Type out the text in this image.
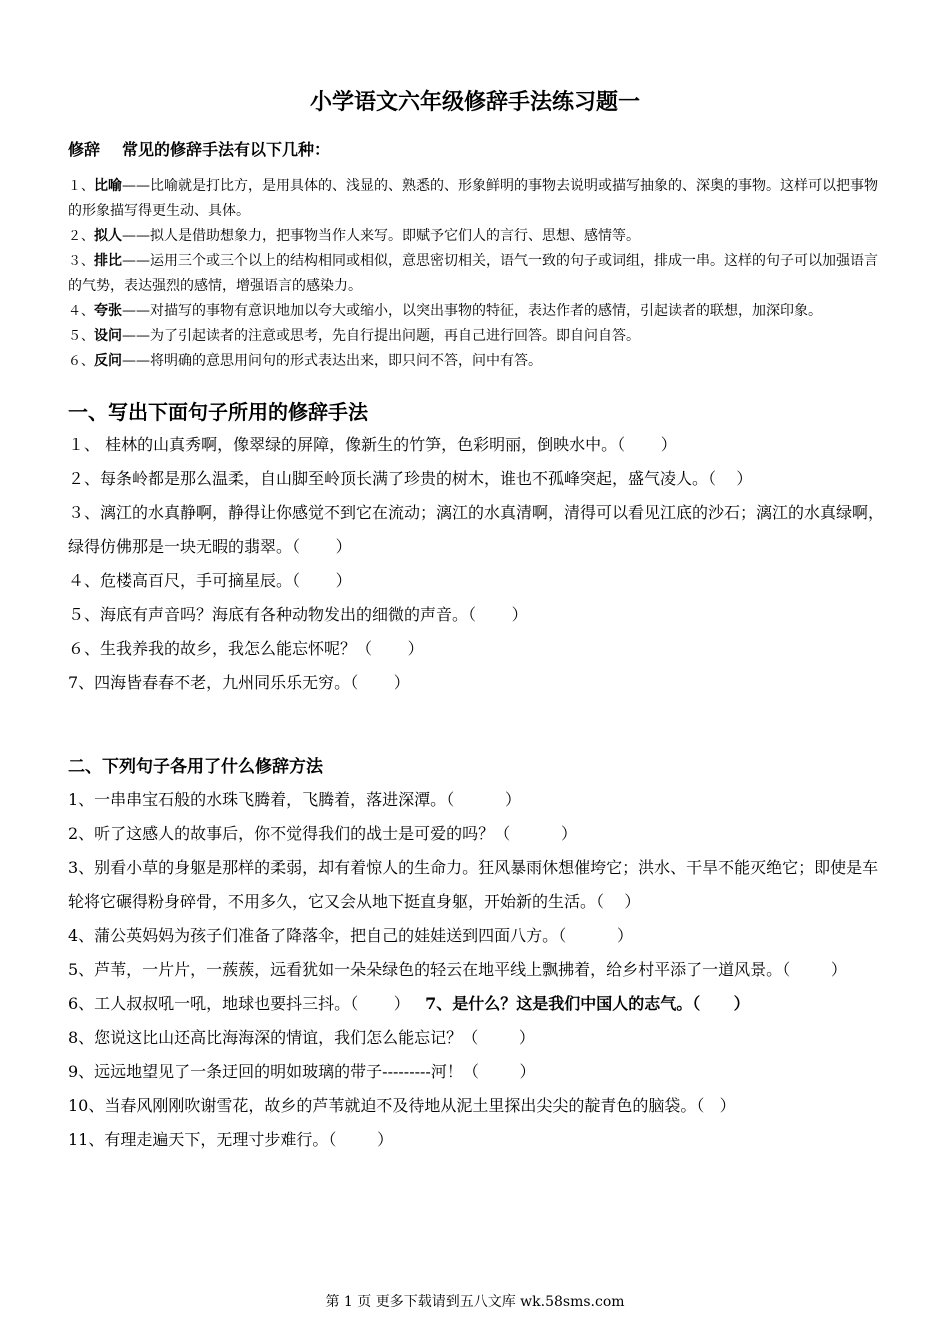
小学语文六年级修辞手法练习题一
修辞 常见的修辞手法有以下几种：

１、比喻——比喻就是打比方，是用具体的、浅显的、熟悉的、形象鲜明的事物去说明或描写抽象的、深奥的事物。这样可以把事物的形象描写得更生动、具体。

２、拟人——拟人是借助想象力，把事物当作人来写。即赋予它们人的言行、思想、感情等。

３、排比——运用三个或三个以上的结构相同或相似，意思密切相关，语气一致的句子或词组，排成一串。这样的句子可以加强语言的气势，表达强烈的感情，增强语言的感染力。

４、夸张——对描写的事物有意识地加以夸大或缩小，以突出事物的特征，表达作者的感情，引起读者的联想，加深印象。

５、设问——为了引起读者的注意或思考，先自行提出问题，再自己进行回答。即自问自答。

６、反问——将明确的意思用问句的形式表达出来，即只问不答，问中有答。

一、写出下面句子所用的修辞手法

１、 桂林的山真秀啊，像翠绿的屏障，像新生的竹笋，色彩明丽，倒映水中。（       ）

２、每条岭都是那么温柔，自山脚至岭顶长满了珍贵的树木，谁也不孤峰突起，盛气凌人。（    ）

３、漓江的水真静啊，静得让你感觉不到它在流动；漓江的水真清啊，清得可以看见江底的沙石；漓江的水真绿啊，绿得仿佛那是一块无暇的翡翠。（       ）

４、危楼高百尺，手可摘星辰。（       ）

５、海底有声音吗？海底有各种动物发出的细微的声音。（       ）

６、生我养我的故乡，我怎么能忘怀呢？（       ）

7、四海皆春春不老，九州同乐乐无穷。（       ）

二、下列句子各用了什么修辞方法

1、一串串宝石般的水珠飞腾着，飞腾着，落进深潭。（          ）

2、听了这感人的故事后，你不觉得我们的战士是可爱的吗？（          ）

3、别看小草的身躯是那样的柔弱，却有着惊人的生命力。狂风暴雨休想催垮它；洪水、干旱不能灭绝它；即使是车轮将它碾得粉身碎骨，不用多久，它又会从地下挺直身躯，开始新的生活。（    ）

4、蒲公英妈妈为孩子们准备了降落伞，把自己的娃娃送到四面八方。（          ）

5、芦苇，一片片，一蔟蔟，远看犹如一朵朵绿色的轻云在地平线上飘拂着，给乡村平添了一道风景。（        ）

6、工人叔叔吼一吼，地球也要抖三抖。（       ） 7、是什么？这是我们中国人的志气。（      ）

8、您说这比山还高比海海深的情谊，我们怎么能忘记？（        ）

9、远远地望见了一条迂回的明如玻璃的带子---------河！（        ）

10、当春风刚刚吹谢雪花，故乡的芦苇就迫不及待地从泥土里探出尖尖的靛青色的脑袋。（   ）

11、有理走遍天下，无理寸步难行。（        ）

第 1 页 更多下载请到五八文库 wk.58sms.com
